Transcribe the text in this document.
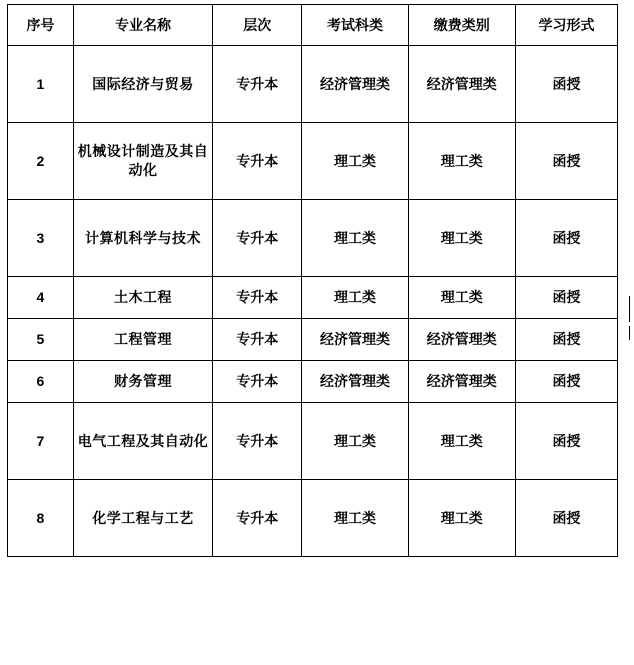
序号	专业名称	层次	考试科类	缴费类别	学习形式
1	国际经济与贸易	专升本	经济管理类	经济管理类	函授
2	机械设计制造及其自动化	专升本	理工类	理工类	函授
3	计算机科学与技术	专升本	理工类	理工类	函授
4	土木工程	专升本	理工类	理工类	函授
5	工程管理	专升本	经济管理类	经济管理类	函授
6	财务管理	专升本	经济管理类	经济管理类	函授
7	电气工程及其自动化	专升本	理工类	理工类	函授
8	化学工程与工艺	专升本	理工类	理工类	函授
